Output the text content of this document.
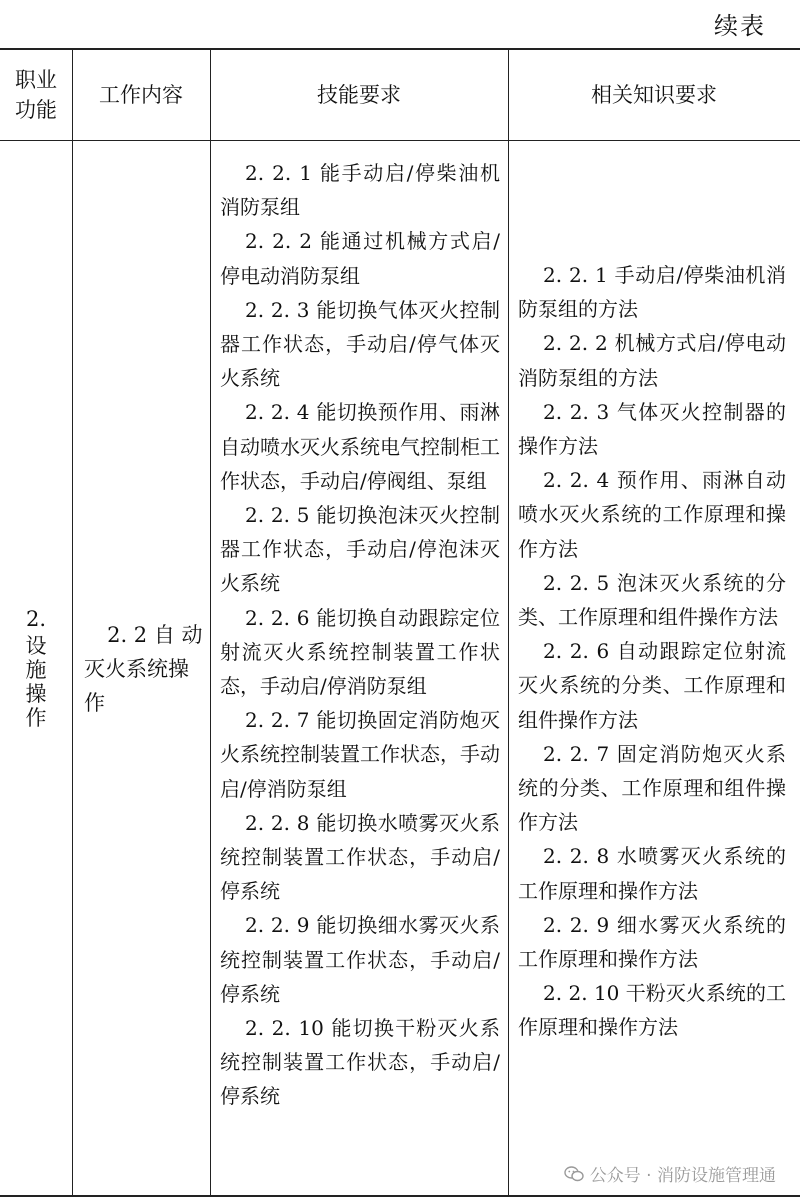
续表
职业功能
工作内容	技能要求	相关知识要求
2.
设施操作
2. 2 自 动
灭火系统操
作
2. 2. 1 能手动启/停柴油机消防泵组
2. 2. 2 能通过机械方式启/停电动消防泵组
2. 2. 3 能切换气体灭火控制器工作状态，手动启/停气体灭火系统
2. 2. 4 能切换预作用、雨淋自动喷水灭火系统电气控制柜工作状态，手动启/停阀组、泵组
2. 2. 5 能切换泡沫灭火控制器工作状态，手动启/停泡沫灭火系统
2. 2. 6 能切换自动跟踪定位射流灭火系统控制装置工作状态，手动启/停消防泵组
2. 2. 7 能切换固定消防炮灭火系统控制装置工作状态，手动启/停消防泵组
2. 2. 8 能切换水喷雾灭火系统控制装置工作状态，手动启/停系统
2. 2. 9 能切换细水雾灭火系统控制装置工作状态，手动启/停系统
2. 2. 10 能切换干粉灭火系统控制装置工作状态，手动启/停系统
2. 2. 1 手动启/停柴油机消防泵组的方法
2. 2. 2 机械方式启/停电动消防泵组的方法
2. 2. 3 气体灭火控制器的操作方法
2. 2. 4 预作用、雨淋自动喷水灭火系统的工作原理和操作方法
2. 2. 5 泡沫灭火系统的分类、工作原理和组件操作方法
2. 2. 6 自动跟踪定位射流灭火系统的分类、工作原理和组件操作方法
2. 2. 7 固定消防炮灭火系统的分类、工作原理和组件操作方法
2. 2. 8 水喷雾灭火系统的工作原理和操作方法
2. 2. 9 细水雾灭火系统的工作原理和操作方法
2. 2. 10 干粉灭火系统的工作原理和操作方法
公众号 · 消防设施管理通
